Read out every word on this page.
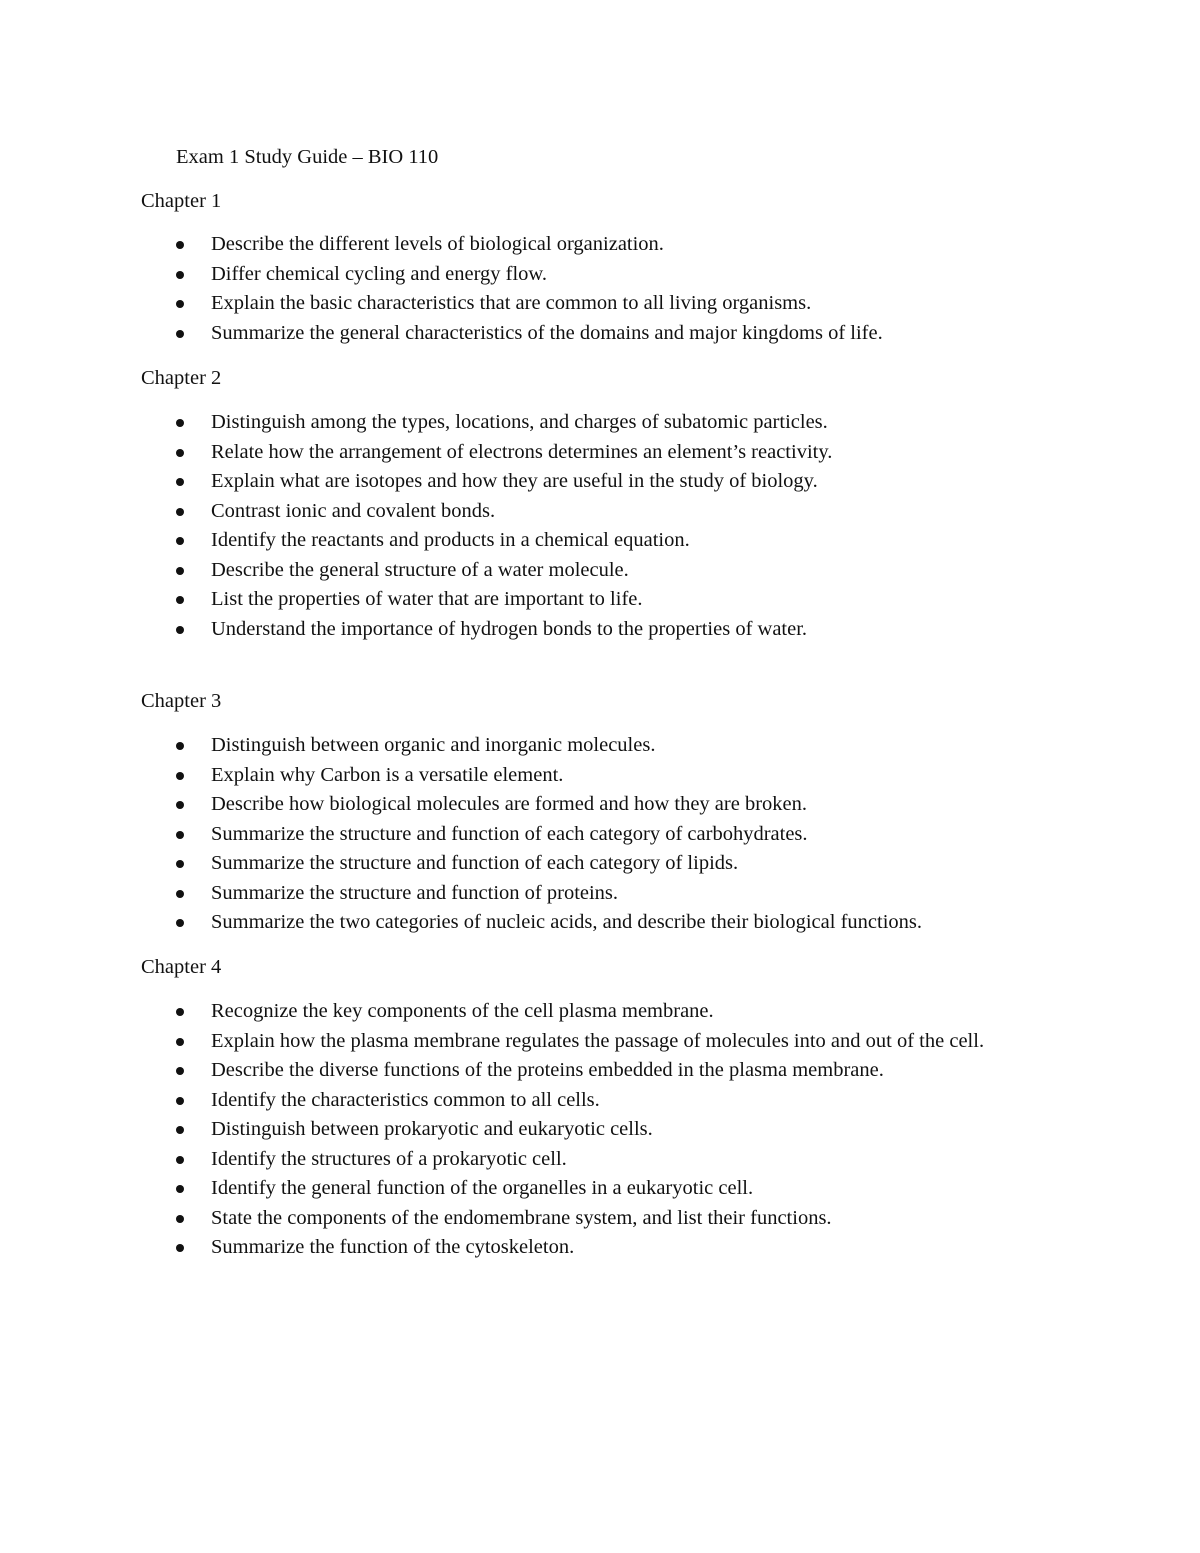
Exam 1 Study Guide – BIO 110
Chapter 1
Describe the different levels of biological organization.
Differ chemical cycling and energy flow.
Explain the basic characteristics that are common to all living organisms.
Summarize the general characteristics of the domains and major kingdoms of life.
Chapter 2
Distinguish among the types, locations, and charges of subatomic particles.
Relate how the arrangement of electrons determines an element’s reactivity.
Explain what are isotopes and how they are useful in the study of biology.
Contrast ionic and covalent bonds.
Identify the reactants and products in a chemical equation.
Describe the general structure of a water molecule.
List the properties of water that are important to life.
Understand the importance of hydrogen bonds to the properties of water.
Chapter 3
Distinguish between organic and inorganic molecules.
Explain why Carbon is a versatile element.
Describe how biological molecules are formed and how they are broken.
Summarize the structure and function of each category of carbohydrates.
Summarize the structure and function of each category of lipids.
Summarize the structure and function of proteins.
Summarize the two categories of nucleic acids, and describe their biological functions.
Chapter 4
Recognize the key components of the cell plasma membrane.
Explain how the plasma membrane regulates the passage of molecules into and out of the cell.
Describe the diverse functions of the proteins embedded in the plasma membrane.
Identify the characteristics common to all cells.
Distinguish between prokaryotic and eukaryotic cells.
Identify the structures of a prokaryotic cell.
Identify the general function of the organelles in a eukaryotic cell.
State the components of the endomembrane system, and list their functions.
Summarize the function of the cytoskeleton.
